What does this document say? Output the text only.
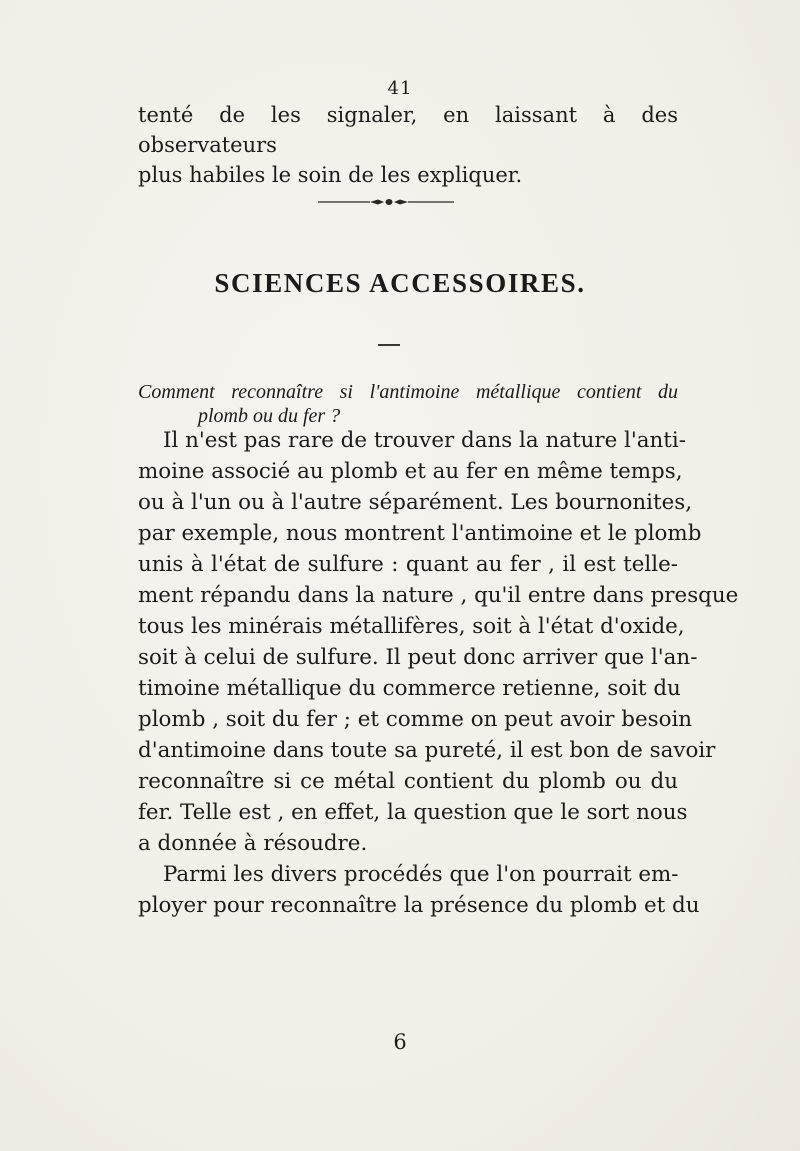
41

tenté de les signaler, en laissant à des observateurs

plus habiles le soin de les expliquer.

SCIENCES ACCESSOIRES.
Comment reconnaître si l'antimoine métallique contient du
plomb ou du fer ?
Il n'est pas rare de trouver dans la nature l'anti-
moine associé au plomb et au fer en même temps,
ou à l'un ou à l'autre séparément. Les bournonites,
par exemple, nous montrent l'antimoine et le plomb
unis à l'état de sulfure : quant au fer , il est telle-
ment répandu dans la nature , qu'il entre dans presque
tous les minérais métallifères, soit à l'état d'oxide,
soit à celui de sulfure. Il peut donc arriver que l'an-
timoine métallique du commerce retienne, soit du
plomb , soit du fer ; et comme on peut avoir besoin
d'antimoine dans toute sa pureté, il est bon de savoir
reconnaître si ce métal contient du plomb ou du
fer. Telle est , en effet, la question que le sort nous
a donnée à résoudre.
Parmi les divers procédés que l'on pourrait em-
ployer pour reconnaître la présence du plomb et du
6
